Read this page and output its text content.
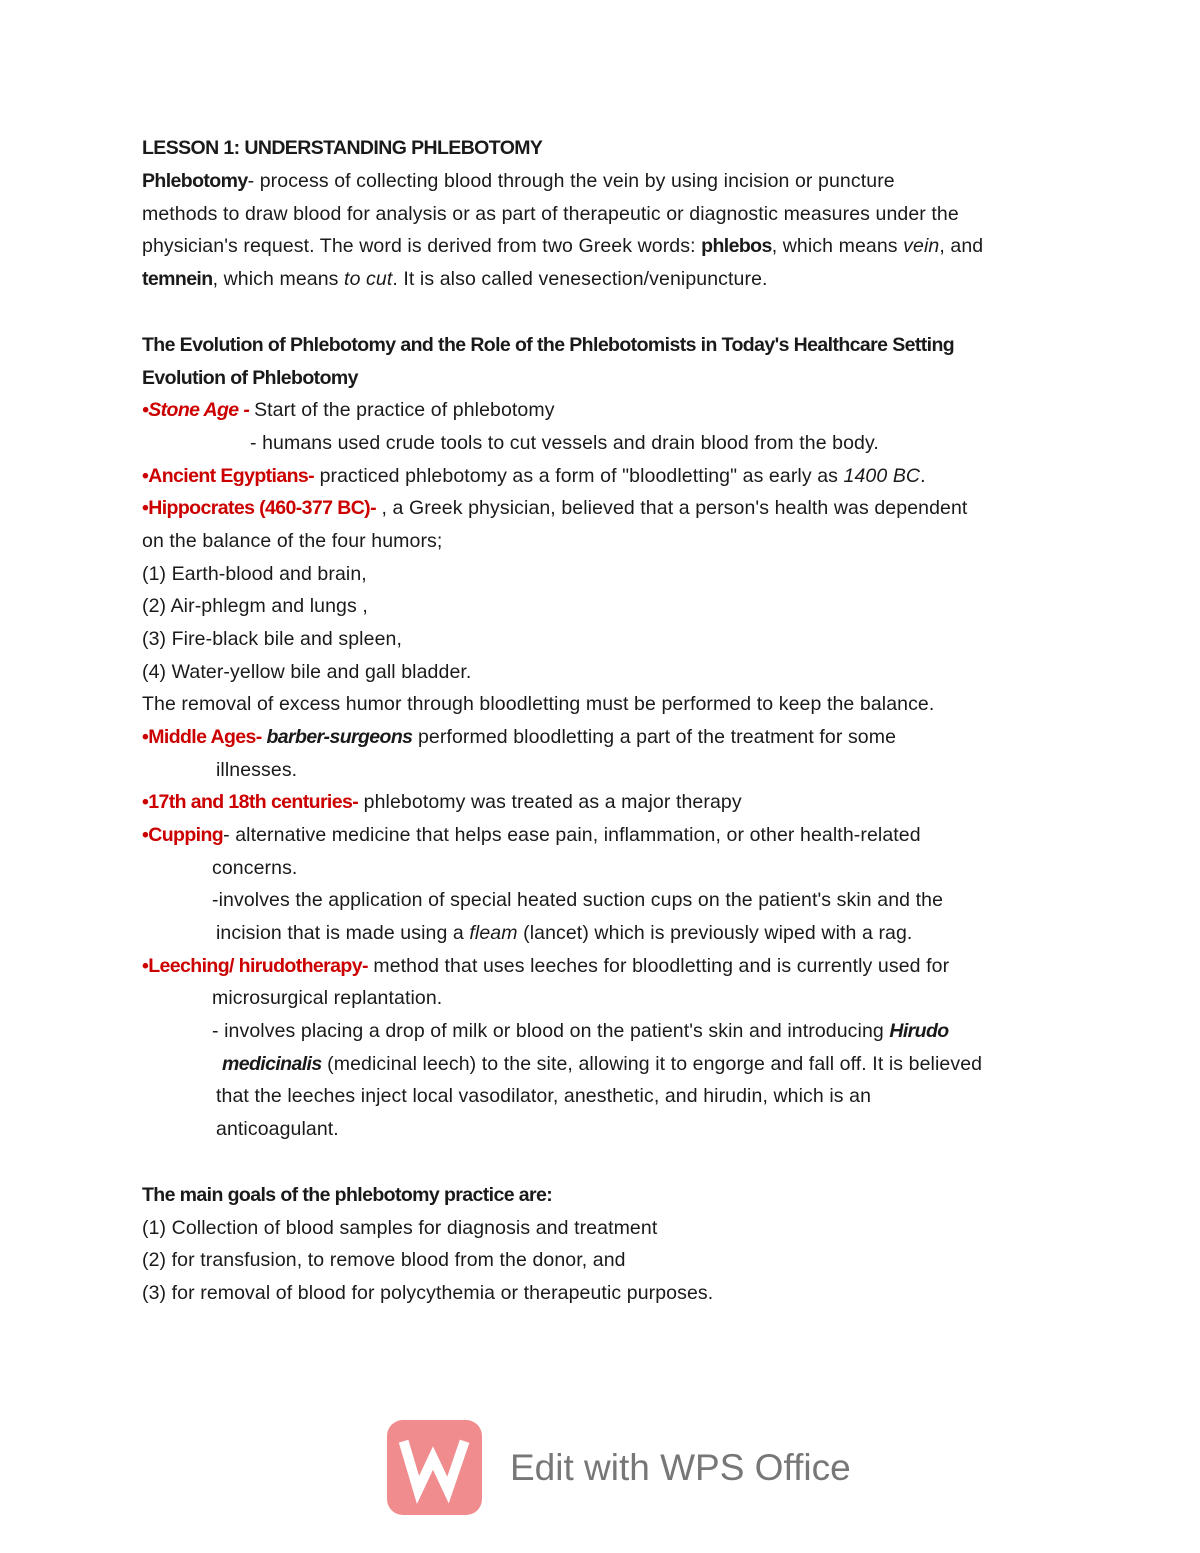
LESSON 1: UNDERSTANDING PHLEBOTOMY
Phlebotomy- process of collecting blood through the vein by using incision or puncture
methods to draw blood for analysis or as part of therapeutic or diagnostic measures under the
physician's request. The word is derived from two Greek words: phlebos, which means vein, and
temnein, which means to cut. It is also called venesection/venipuncture.
The Evolution of Phlebotomy and the Role of the Phlebotomists in Today's Healthcare Setting
Evolution of Phlebotomy
•Stone Age - Start of the practice of phlebotomy
- humans used crude tools to cut vessels and drain blood from the body.
•Ancient Egyptians- practiced phlebotomy as a form of "bloodletting" as early as 1400 BC.
•Hippocrates (460-377 BC)- , a Greek physician, believed that a person's health was dependent
on the balance of the four humors;
(1) Earth-blood and brain,
(2) Air-phlegm and lungs ,
(3) Fire-black bile and spleen,
(4) Water-yellow bile and gall bladder.
The removal of excess humor through bloodletting must be performed to keep the balance.
•Middle Ages- barber-surgeons performed bloodletting a part of the treatment for some
illnesses.
•17th and 18th centuries- phlebotomy was treated as a major therapy
•Cupping- alternative medicine that helps ease pain, inflammation, or other health-related
concerns.
-involves the application of special heated suction cups on the patient's skin and the
incision that is made using a fleam (lancet) which is previously wiped with a rag.
•Leeching/ hirudotherapy- method that uses leeches for bloodletting and is currently used for
microsurgical replantation.
- involves placing a drop of milk or blood on the patient's skin and introducing Hirudo
medicinalis (medicinal leech) to the site, allowing it to engorge and fall off. It is believed
that the leeches inject local vasodilator, anesthetic, and hirudin, which is an
anticoagulant.
The main goals of the phlebotomy practice are:
(1) Collection of blood samples for diagnosis and treatment
(2) for transfusion, to remove blood from the donor, and
(3) for removal of blood for polycythemia or therapeutic purposes.
Edit with WPS Office
